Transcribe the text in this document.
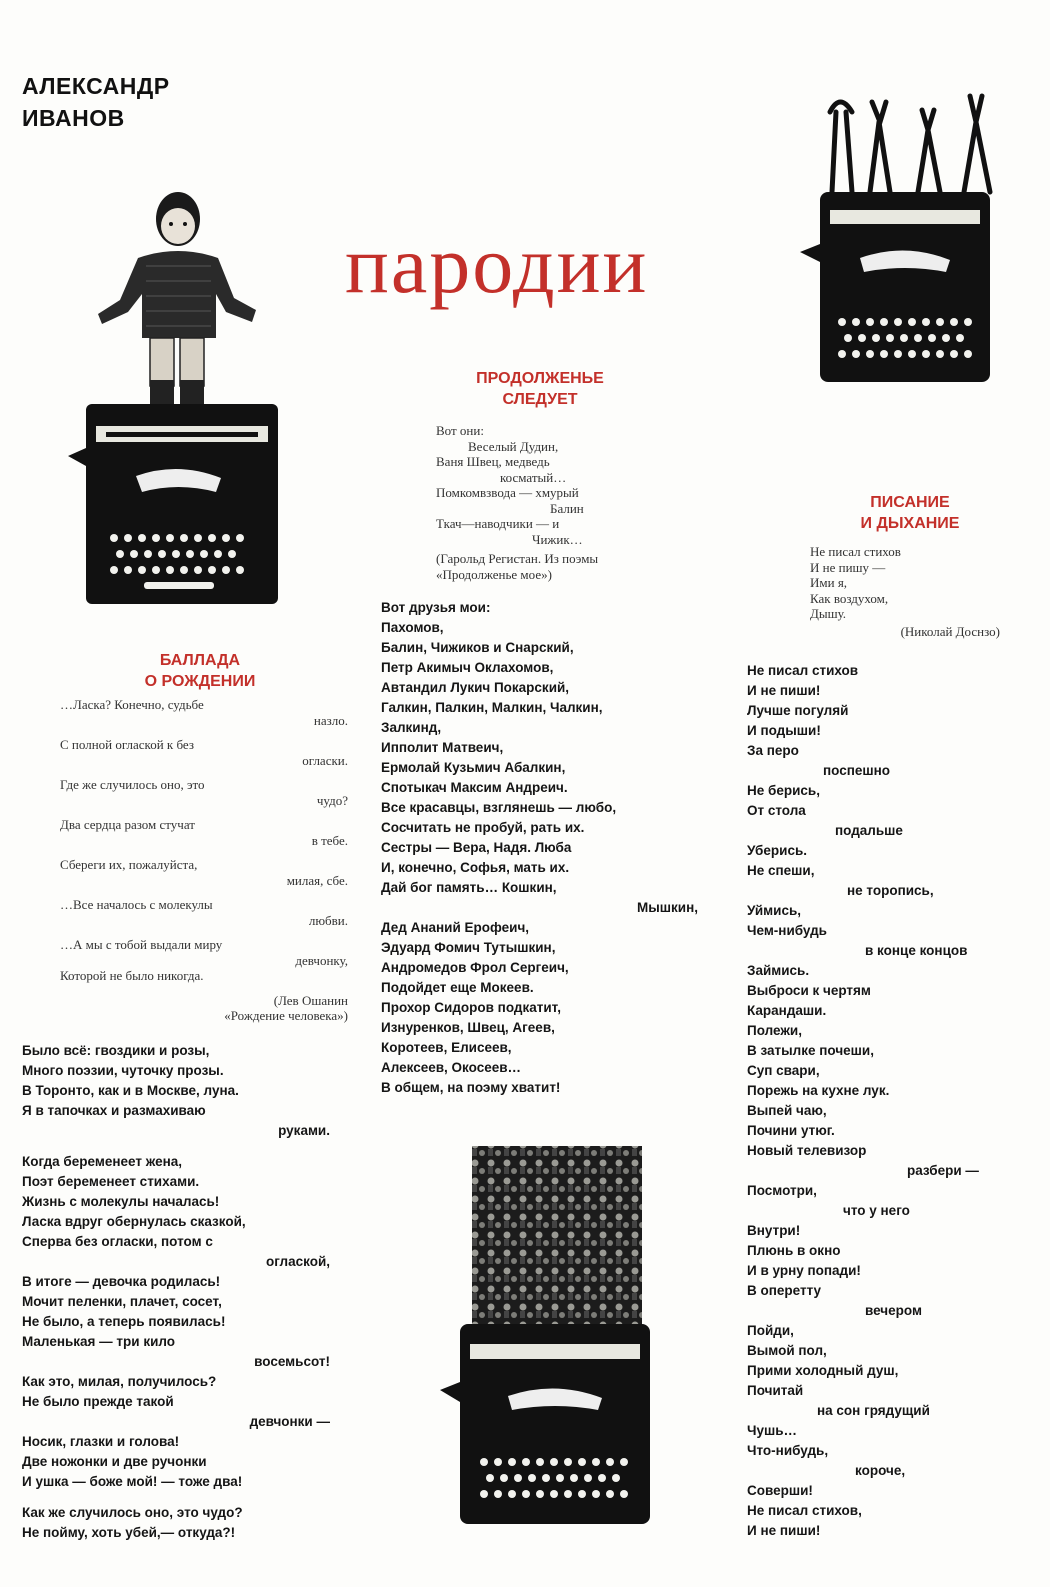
АЛЕКСАНДР
ИВАНОВ
пародии
ПРОДОЛЖЕНЬЕ
СЛЕДУЕТ
Вот они:
Веселый Дудин,
Ваня Швец, медведь
косматый…
Помкомвзвода — хмурый
Балин
Ткач—наводчики — и
Чижик…
(Гарольд Регистан. Из поэмы
«Продолженье мое»)
Вот друзья мои:
Пахомов,
Балин, Чижиков и Снарский,
Петр Акимыч Оклахомов,
Автандил Лукич Покарский,
Галкин, Палкин, Малкин, Чалкин,
Залкинд,
Ипполит Матвеич,
Ермолай Кузьмич Абалкин,
Спотыкач Максим Андреич.
Все красавцы, взглянешь — любо,
Сосчитать не пробуй, рать их.
Сестры — Вера, Надя. Люба
И, конечно, Софья, мать их.
Дай бог память… Кошкин,
Мышкин,
Дед Ананий Ерофеич,
Эдуард Фомич Тутышкин,
Андромедов Фрол Сергеич,
Подойдет еще Мокеев.
Прохор Сидоров подкатит,
Изнуренков, Швец, Агеев,
Коротеев, Елисеев,
Алексеев, Окосеев…
В общем, на поэму хватит!
БАЛЛАДА
О РОЖДЕНИИ
…Ласка? Конечно, судьбе
назло.
С полной оглаской к без
огласки.
Где же случилось оно, это
чудо?
Два сердца разом стучат
в тебе.
Сбереги их, пожалуйста,
милая, сбе.
…Все началось с молекулы
любви.
…А мы с тобой выдали миру
девчонку,
Которой не было никогда.
(Лев Ошанин
«Рождение человека»)
Было всё: гвоздики и розы,
Много поэзии, чуточку прозы.
В Торонто, как и в Москве, луна.
Я в тапочках и размахиваю
руками.
Когда беременеет жена,
Поэт беременеет стихами.
Жизнь с молекулы началась!
Ласка вдруг обернулась сказкой,
Сперва без огласки, потом с
оглаской,
В итоге — девочка родилась!
Мочит пеленки, плачет, сосет,
Не было, а теперь появилась!
Маленькая — три кило
восемьсот!
Как это, милая, получилось?
Не было прежде такой
девчонки —
Носик, глазки и голова!
Две ножонки и две ручонки
И ушка — боже мой! — тоже два!
Как же случилось оно, это чудо?
Не пойму, хоть убей,— откуда?!
ПИСАНИЕ
И ДЫХАНИЕ
Не писал стихов
И не пишу —
Ими я,
Как воздухом,
Дышу.
(Николай Доснзо)
Не писал стихов
И не пиши!
Лучше погуляй
И подыши!
За перо
поспешно
Не берись,
От стола
подальше
Уберись.
Не спеши,
не торопись,
Уймись,
Чем-нибудь
в конце концов
Займись.
Выброси к чертям
Карандаши.
Полежи,
В затылке почеши,
Суп свари,
Порежь на кухне лук.
Выпей чаю,
Почини утюг.
Новый телевизор
разбери —
Посмотри,
что у него
Внутри!
Плюнь в окно
И в урну попади!
В оперетту
вечером
Пойди,
Вымой пол,
Прими холодный душ,
Почитай
на сон грядущий
Чушь…
Что-нибудь,
короче,
Соверши!
Не писал стихов,
И не пиши!
